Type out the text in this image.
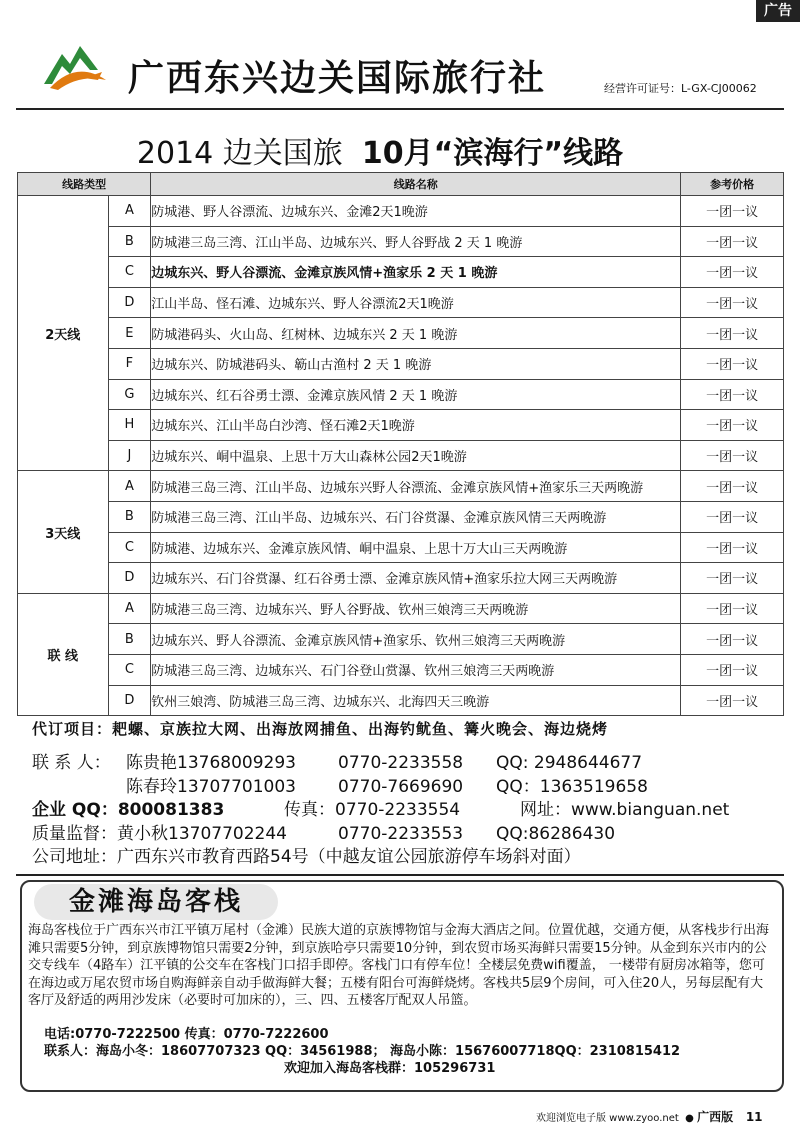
广告
广西东兴边关国际旅行社	经营许可证号：L-GX-CJ00062
2014 边关国旅 10月“滨海行”线路
线路类型		线路名称	参考价格
2天线	A	防城港、野人谷漂流、边城东兴、金滩2天1晚游	一团一议
	B	防城港三岛三湾、江山半岛、边城东兴、野人谷野战 2 天 1 晚游	一团一议
	C	边城东兴、野人谷漂流、金滩京族风情+渔家乐 2 天 1 晚游	一团一议
	D	江山半岛、怪石滩、边城东兴、野人谷漂流2天1晚游	一团一议
	E	防城港码头、火山岛、红树林、边城东兴 2 天 1 晚游	一团一议
	F	边城东兴、防城港码头、簕山古渔村 2 天 1 晚游	一团一议
	G	边城东兴、红石谷勇士漂、金滩京族风情 2 天 1 晚游	一团一议
	H	边城东兴、江山半岛白沙湾、怪石滩2天1晚游	一团一议
	J	边城东兴、峒中温泉、上思十万大山森林公园2天1晚游	一团一议
3天线	A	防城港三岛三湾、江山半岛、边城东兴野人谷漂流、金滩京族风情+渔家乐三天两晚游	一团一议
	B	防城港三岛三湾、江山半岛、边城东兴、石门谷赏瀑、金滩京族风情三天两晚游	一团一议
	C	防城港、边城东兴、金滩京族风情、峒中温泉、上思十万大山三天两晚游	一团一议
	D	边城东兴、石门谷赏瀑、红石谷勇士漂、金滩京族风情+渔家乐拉大网三天两晚游	一团一议
联 线	A	防城港三岛三湾、边城东兴、野人谷野战、钦州三娘湾三天两晚游	一团一议
	B	边城东兴、野人谷漂流、金滩京族风情+渔家乐、钦州三娘湾三天两晚游	一团一议
	C	防城港三岛三湾、边城东兴、石门谷登山赏瀑、钦州三娘湾三天两晚游	一团一议
	D	钦州三娘湾、防城港三岛三湾、边城东兴、北海四天三晚游	一团一议
代订项目：耙螺、京族拉大网、出海放网捕鱼、出海钓鱿鱼、篝火晚会、海边烧烤
联 系 人： 陈贵艳13768009293 0770-2233558 QQ: 2948644677
陈春玲13707701003 0770-7669690 QQ：1363519658
企业 QQ：800081383	传真：0770-2233554	网址：www.bianguan.net
质量监督：黄小秋13707702244	0770-2233553 QQ:86286430
公司地址：广西东兴市教育西路54号（中越友谊公园旅游停车场斜对面）
金滩海岛客栈
海岛客栈位于广西东兴市江平镇万尾村（金滩）民族大道的京族博物馆与金海大酒店之间。位置优越，交通方便，从客栈步行出海滩只需要5分钟，到京族博物馆只需要2分钟，到京族哈亭只需要10分钟，到农贸市场买海鲜只需要15分钟。从金到东兴市内的公交专线车（4路车）江平镇的公交车在客栈门口招手即停。客栈门口有停车位！全楼层免费wifi覆盖， 一楼带有厨房冰箱等，您可在海边或万尾农贸市场自购海鲜亲自动手做海鲜大餐；五楼有阳台可海鲜烧烤。客栈共5层9个房间，可入住20人，另每层配有大客厅及舒适的两用沙发床（必要时可加床的），三、四、五楼客厅配双人吊篮。
电话:0770-7222500 传真：0770-7222600
联系人：海岛小冬：18607707323 QQ：34561988； 海岛小陈：15676007718QQ：2310815412
欢迎加入海岛客栈群：105296731
欢迎浏览电子版 www.zyoo.net ● 广西版 11
